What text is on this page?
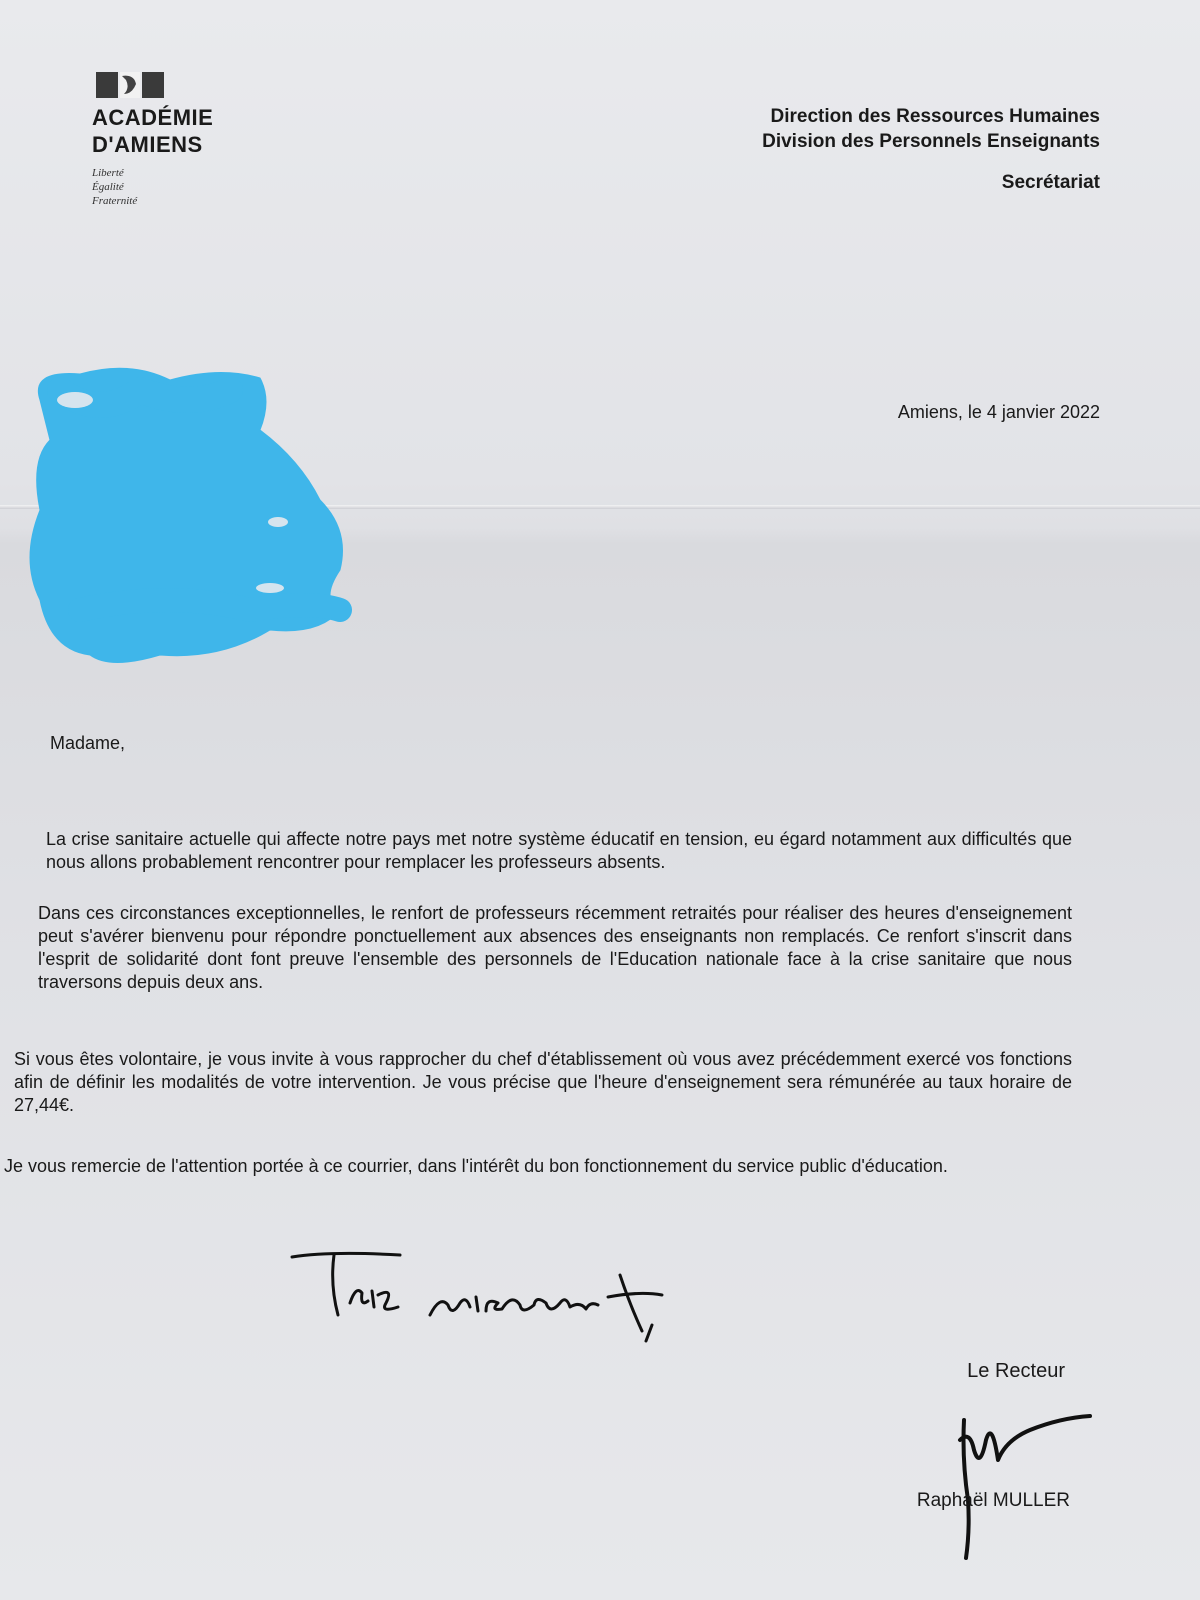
ACADÉMIE
D'AMIENS
Liberté
Égalité
Fraternité
Direction des Ressources Humaines
Division des Personnels Enseignants
Secrétariat
Amiens, le 4 janvier 2022
Madame,
La crise sanitaire actuelle qui affecte notre pays met notre système éducatif en tension, eu égard notamment aux difficultés que nous allons probablement rencontrer pour remplacer les professeurs absents.
Dans ces circonstances exceptionnelles, le renfort de professeurs récemment retraités pour réaliser des heures d'enseignement peut s'avérer bienvenu pour répondre ponctuellement aux absences des enseignants non remplacés. Ce renfort s'inscrit dans l'esprit de solidarité dont font preuve l'ensemble des personnels de l'Education nationale face à la crise sanitaire que nous traversons depuis deux ans.
Si vous êtes volontaire, je vous invite à vous rapprocher du chef d'établissement où vous avez précédemment exercé vos fonctions afin de définir les modalités de votre intervention. Je vous précise que l'heure d'enseignement sera rémunérée au taux horaire de 27,44€.
Je vous remercie de l'attention portée à ce courrier, dans l'intérêt du bon fonctionnement du service public d'éducation.
Le Recteur
Raphaël MULLER
